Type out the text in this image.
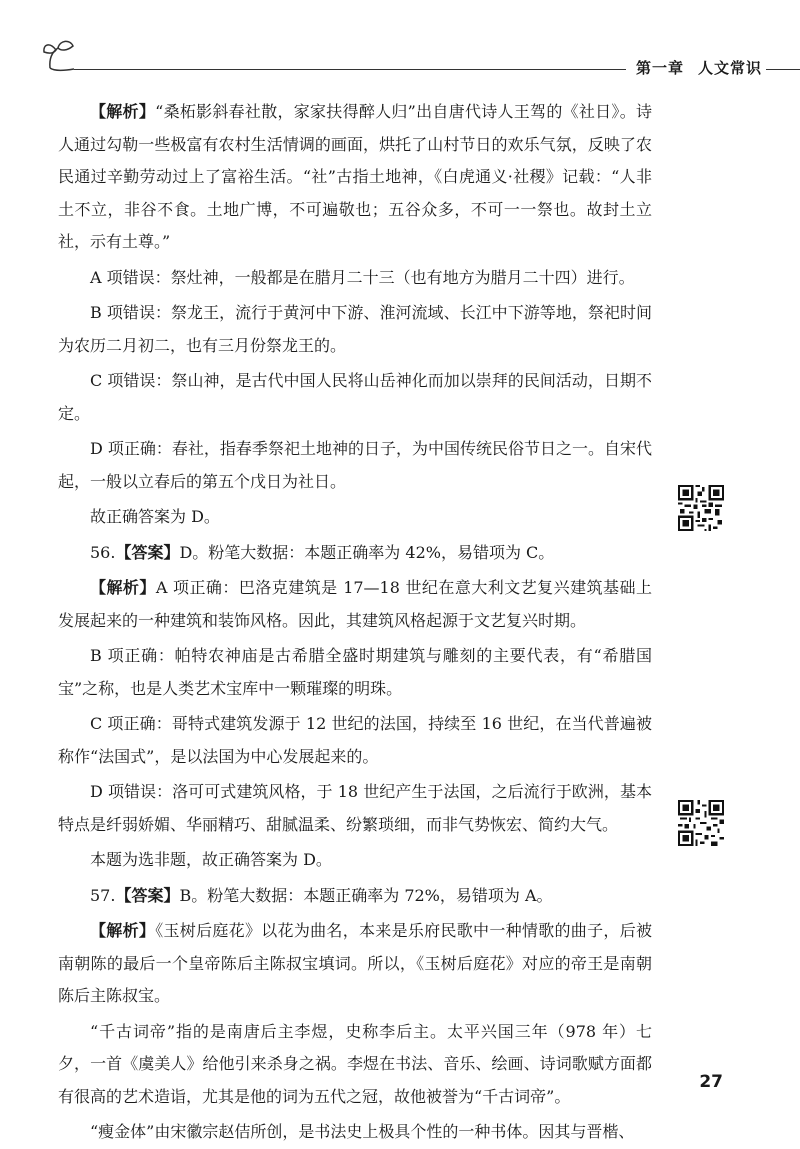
第一章 人文常识

【解析】“桑柘影斜春社散，家家扶得醉人归”出自唐代诗人王驾的《社日》。诗人通过勾勒一些极富有农村生活情调的画面，烘托了山村节日的欢乐气氛，反映了农民通过辛勤劳动过上了富裕生活。“社”古指土地神，《白虎通义·社稷》记载：“人非土不立，非谷不食。土地广博，不可遍敬也；五谷众多，不可一一祭也。故封土立社，示有土尊。”

A 项错误：祭灶神，一般都是在腊月二十三（也有地方为腊月二十四）进行。

B 项错误：祭龙王，流行于黄河中下游、淮河流域、长江中下游等地，祭祀时间为农历二月初二，也有三月份祭龙王的。

C 项错误：祭山神，是古代中国人民将山岳神化而加以崇拜的民间活动，日期不定。

D 项正确：春社，指春季祭祀土地神的日子，为中国传统民俗节日之一。自宋代起，一般以立春后的第五个戊日为社日。

故正确答案为 D。

56.【答案】D。粉笔大数据：本题正确率为 42%，易错项为 C。

【解析】A 项正确：巴洛克建筑是 17—18 世纪在意大利文艺复兴建筑基础上发展起来的一种建筑和装饰风格。因此，其建筑风格起源于文艺复兴时期。

B 项正确：帕特农神庙是古希腊全盛时期建筑与雕刻的主要代表，有“希腊国宝”之称，也是人类艺术宝库中一颗璀璨的明珠。

C 项正确：哥特式建筑发源于 12 世纪的法国，持续至 16 世纪，在当代普遍被称作“法国式”，是以法国为中心发展起来的。

D 项错误：洛可可式建筑风格，于 18 世纪产生于法国，之后流行于欧洲，基本特点是纤弱娇媚、华丽精巧、甜腻温柔、纷繁琐细，而非气势恢宏、简约大气。

本题为选非题，故正确答案为 D。

57.【答案】B。粉笔大数据：本题正确率为 72%，易错项为 A。

【解析】《玉树后庭花》以花为曲名，本来是乐府民歌中一种情歌的曲子，后被南朝陈的最后一个皇帝陈后主陈叔宝填词。所以，《玉树后庭花》对应的帝王是南朝陈后主陈叔宝。

“千古词帝”指的是南唐后主李煜，史称李后主。太平兴国三年（978 年）七夕，一首《虞美人》给他引来杀身之祸。李煜在书法、音乐、绘画、诗词歌赋方面都有很高的艺术造诣，尤其是他的词为五代之冠，故他被誉为“千古词帝”。

“瘦金体”由宋徽宗赵佶所创，是书法史上极具个性的一种书体。因其与晋楷、

27
